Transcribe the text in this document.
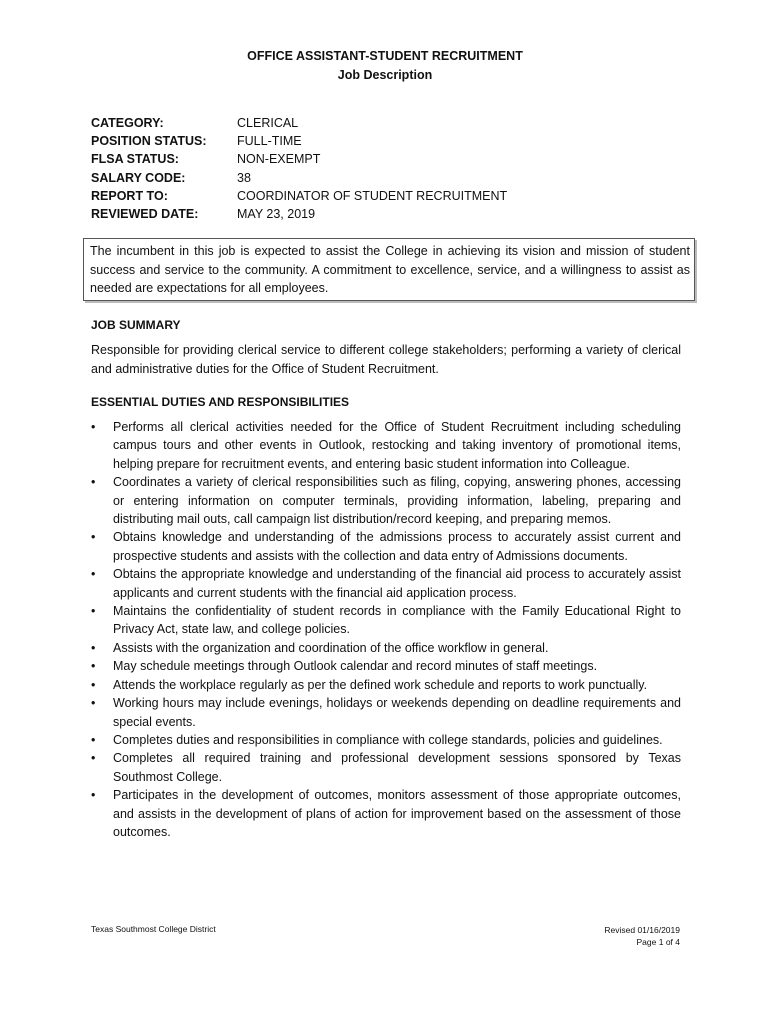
OFFICE ASSISTANT-STUDENT RECRUITMENT
Job Description
CATEGORY:	CLERICAL
POSITION STATUS:	FULL-TIME
FLSA STATUS:	NON-EXEMPT
SALARY CODE:	38
REPORT TO:	COORDINATOR OF STUDENT RECRUITMENT
REVIEWED DATE:	MAY 23, 2019
The incumbent in this job is expected to assist the College in achieving its vision and mission of student success and service to the community. A commitment to excellence, service, and a willingness to assist as needed are expectations for all employees.
JOB SUMMARY
Responsible for providing clerical service to different college stakeholders; performing a variety of clerical and administrative duties for the Office of Student Recruitment.
ESSENTIAL DUTIES AND RESPONSIBILITIES
•	Performs all clerical activities needed for the Office of Student Recruitment including scheduling campus tours and other events in Outlook, restocking and taking inventory of promotional items, helping prepare for recruitment events, and entering basic student information into Colleague.
•	Coordinates a variety of clerical responsibilities such as filing, copying, answering phones, accessing or entering information on computer terminals, providing information, labeling, preparing and distributing mail outs, call campaign list distribution/record keeping, and preparing memos.
•	Obtains knowledge and understanding of the admissions process to accurately assist current and prospective students and assists with the collection and data entry of Admissions documents.
•	Obtains the appropriate knowledge and understanding of the financial aid process to accurately assist applicants and current students with the financial aid application process.
•	Maintains the confidentiality of student records in compliance with the Family Educational Right to Privacy Act, state law, and college policies.
•	Assists with the organization and coordination of the office workflow in general.
•	May schedule meetings through Outlook calendar and record minutes of staff meetings.
•	Attends the workplace regularly as per the defined work schedule and reports to work punctually.
•	Working hours may include evenings, holidays or weekends depending on deadline requirements and special events.
•	Completes duties and responsibilities in compliance with college standards, policies and guidelines.
•	Completes all required training and professional development sessions sponsored by Texas Southmost College.
•	Participates in the development of outcomes, monitors assessment of those appropriate outcomes, and assists in the development of plans of action for improvement based on the assessment of those outcomes.
Texas Southmost College District	Revised 01/16/2019
Page 1 of 4
